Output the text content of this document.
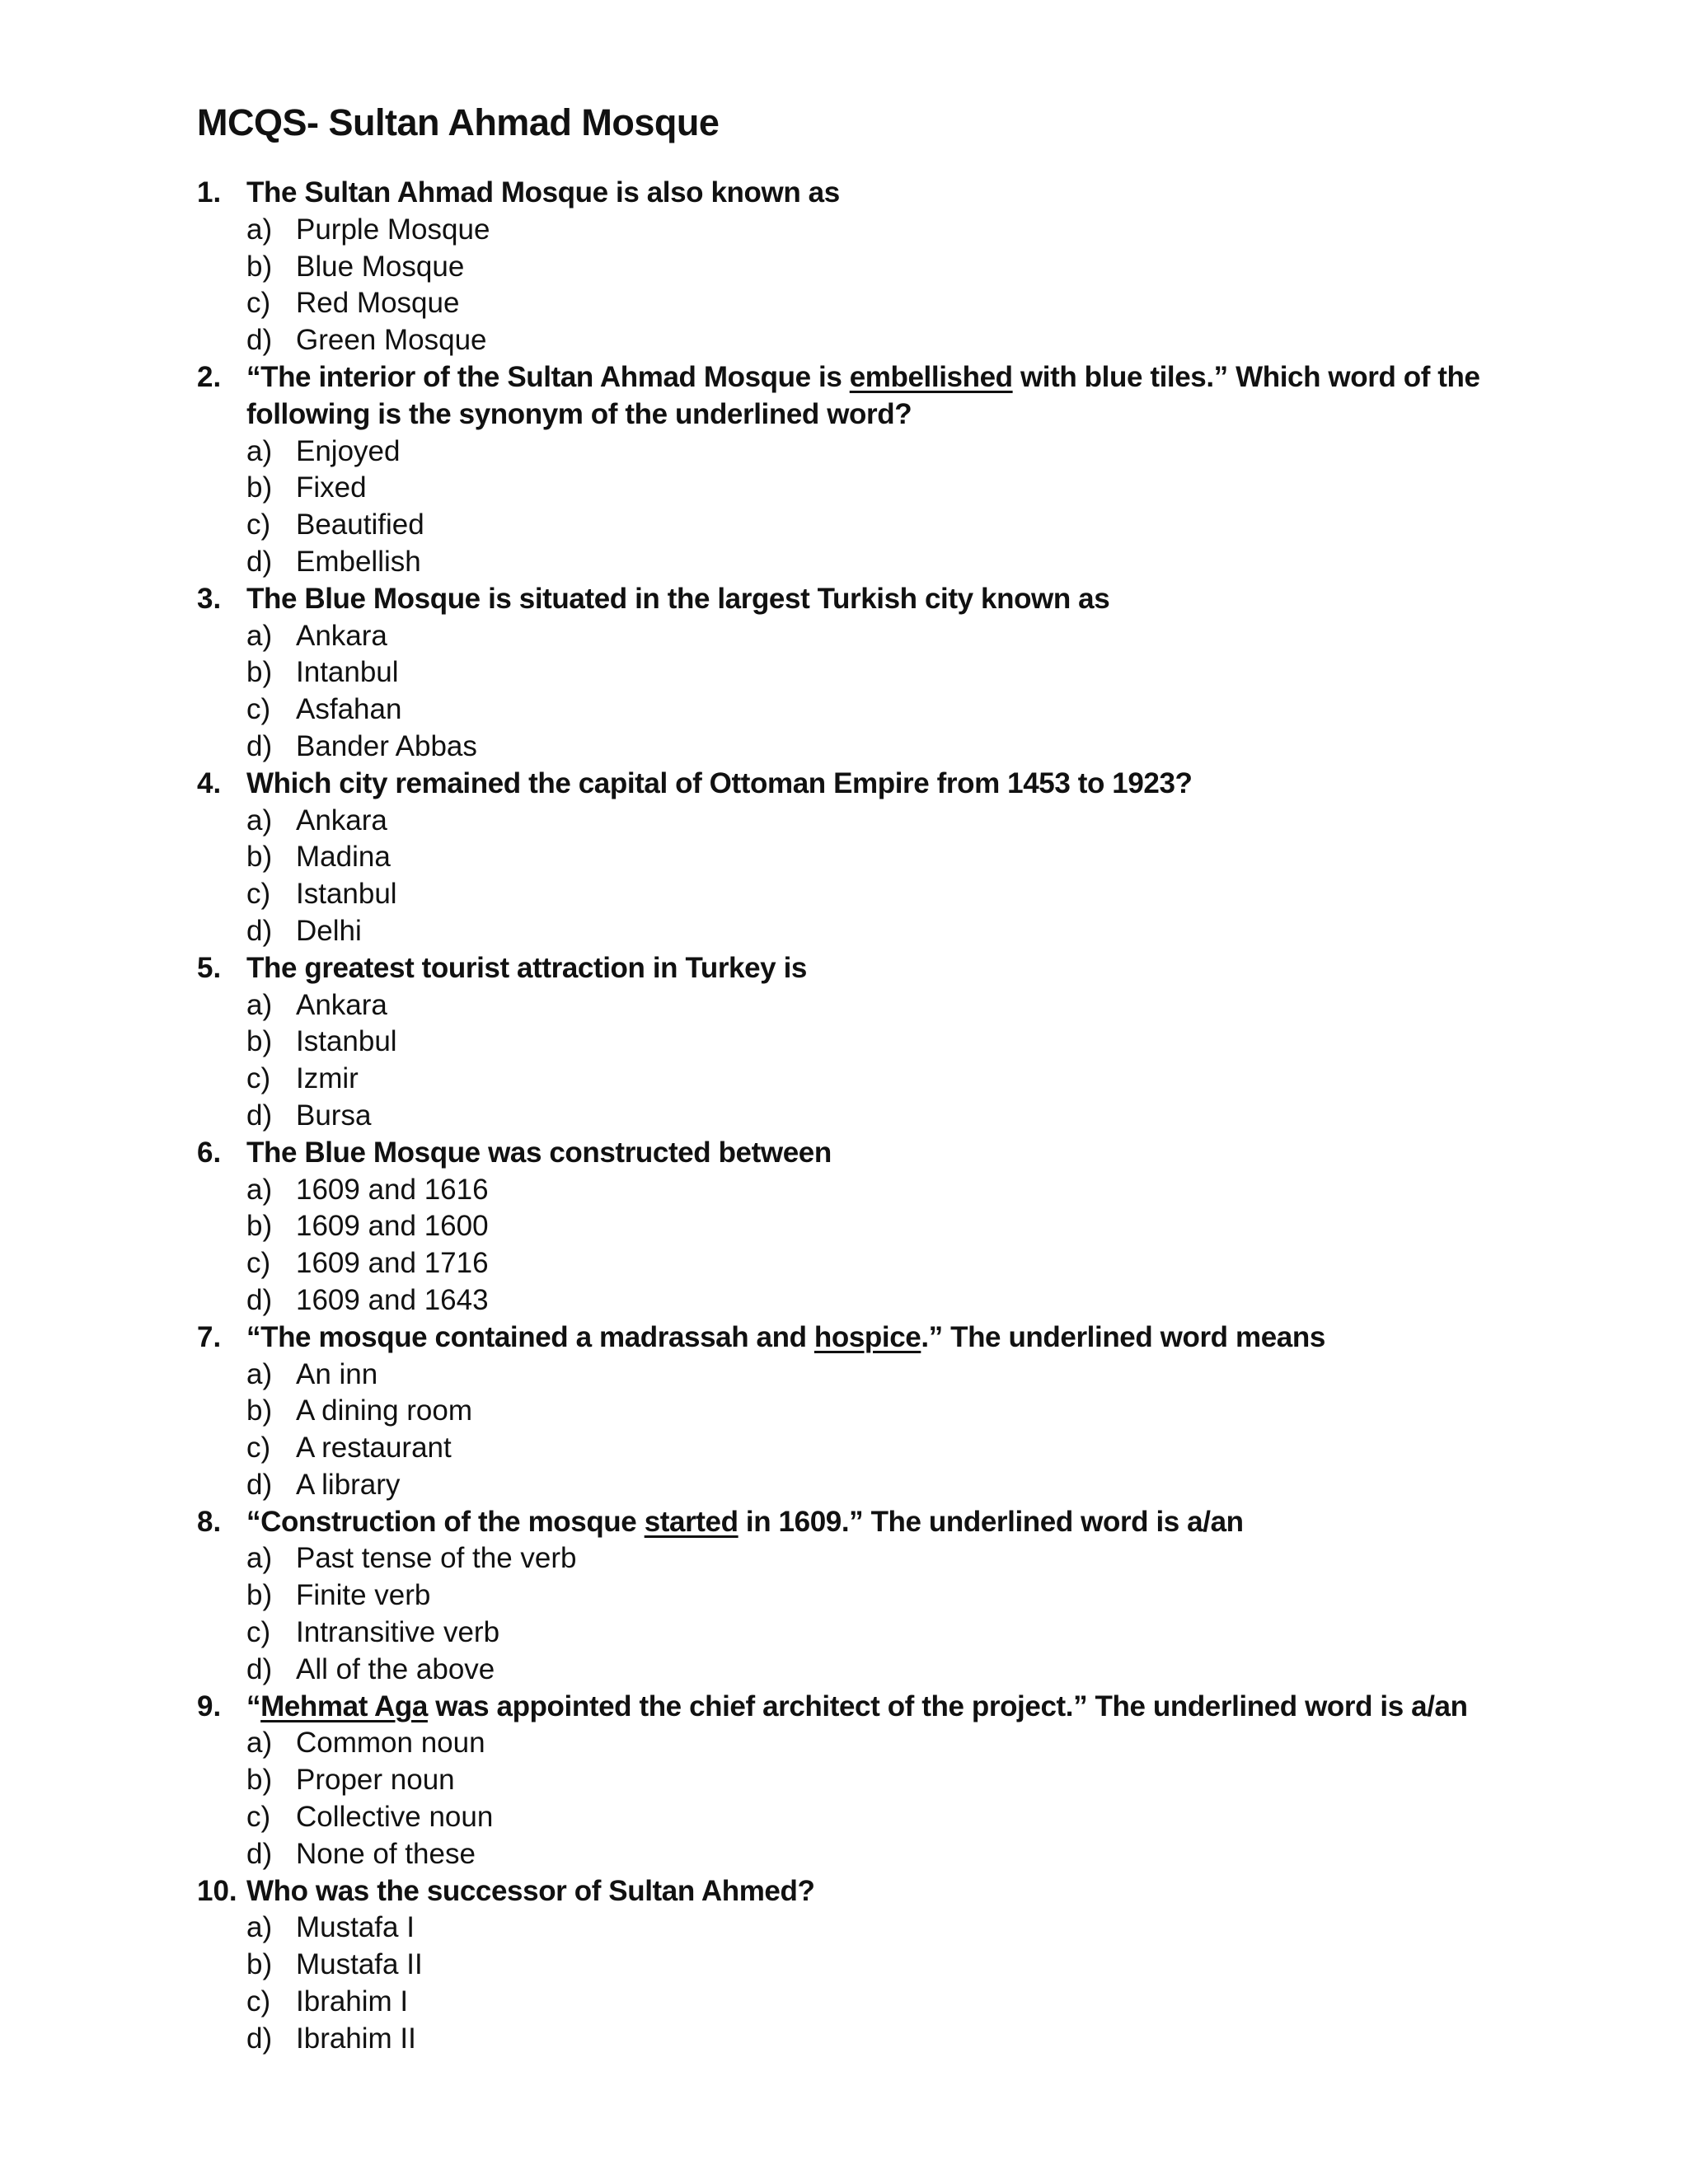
MCQS- Sultan Ahmad Mosque
1. The Sultan Ahmad Mosque is also known as

a) Purple Mosque
b) Blue Mosque
c) Red Mosque
d) Green Mosque
2. “The interior of the Sultan Ahmad Mosque is embellished with blue tiles.” Which word of the following is the synonym of the underlined word?

a) Enjoyed
b) Fixed
c) Beautified
d) Embellish
3. The Blue Mosque is situated in the largest Turkish city known as

a) Ankara
b) Intanbul
c) Asfahan
d) Bander Abbas
4. Which city remained the capital of Ottoman Empire from 1453 to 1923?

a) Ankara
b) Madina
c) Istanbul
d) Delhi
5. The greatest tourist attraction in Turkey is

a) Ankara
b) Istanbul
c) Izmir
d) Bursa
6. The Blue Mosque was constructed between

a) 1609 and 1616
b) 1609 and 1600
c) 1609 and 1716
d) 1609 and 1643
7. “The mosque contained a madrassah and hospice.” The underlined word means

a) An inn
b) A dining room
c) A restaurant
d) A library
8. “Construction of the mosque started in 1609.” The underlined word is a/an

a) Past tense of the verb
b) Finite verb
c) Intransitive verb
d) All of the above
9. “Mehmat Aga was appointed the chief architect of the project.” The underlined word is a/an

a) Common noun
b) Proper noun
c) Collective noun
d) None of these
10. Who was the successor of Sultan Ahmed?

a) Mustafa I
b) Mustafa II
c) Ibrahim I
d) Ibrahim II
